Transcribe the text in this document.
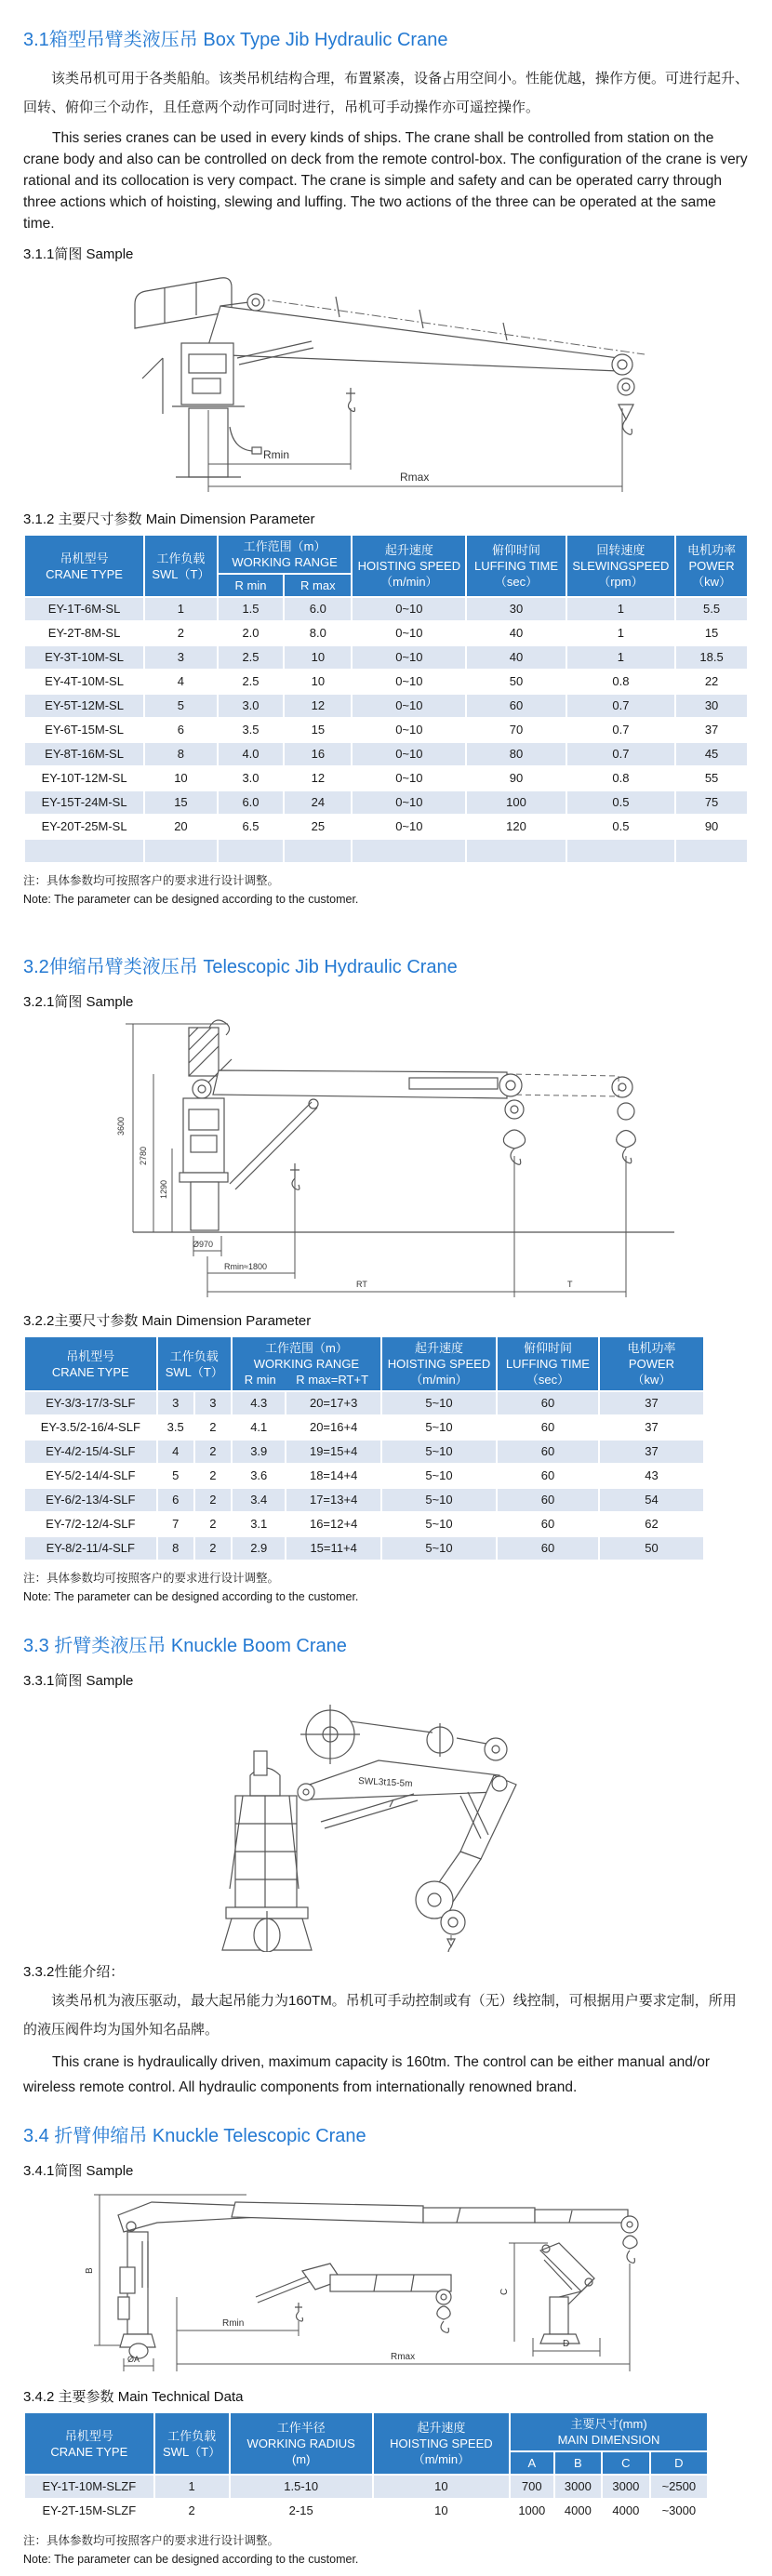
3.1箱型吊臂类液压吊 Box Type Jib Hydraulic Crane

该类吊机可用于各类船舶。该类吊机结构合理，布置紧凑，设备占用空间小。性能优越，操作方便。可进行起升、回转、俯仰三个动作，且任意两个动作可同时进行，吊机可手动操作亦可遥控操作。

This series cranes can be used in every kinds of ships. The crane shall be controlled from station on the crane body and also can be controlled on deck from the remote control-box. The configuration of the crane is very rational and its collocation is very compact. The crane is simple and safety and can be operated carry through three actions which of hoisting, slewing and luffing. The two actions of the three can be operated at the same time.

3.1.1简图 Sample
Rmin
Rmax
3.1.2 主要尺寸参数 Main Dimension Parameter
吊机型号
CRANE TYPE

工作负载
SWL（T）

工作范围（m）
WORKING RANGE

起升速度
HOISTING SPEED
（m/min）

俯仰时间
LUFFING TIME
（sec）

回转速度
SLEWINGSPEED
（rpm）

电机功率
POWER
（kw）

		R min	R max				
EY-1T-6M-SL	1	1.5	6.0	0~10	30	1	5.5
EY-2T-8M-SL	2	2.0	8.0	0~10	40	1	15
EY-3T-10M-SL	3	2.5	10	0~10	40	1	18.5
EY-4T-10M-SL	4	2.5	10	0~10	50	0.8	22
EY-5T-12M-SL	5	3.0	12	0~10	60	0.7	30
EY-6T-15M-SL	6	3.5	15	0~10	70	0.7	37
EY-8T-16M-SL	8	4.0	16	0~10	80	0.7	45
EY-10T-12M-SL	10	3.0	12	0~10	90	0.8	55
EY-15T-24M-SL	15	6.0	24	0~10	100	0.5	75
EY-20T-25M-SL	20	6.5	25	0~10	120	0.5	90

注：具体参数均可按照客户的要求进行设计调整。

Note: The parameter can be designed according to the customer.

3.2伸缩吊臂类液压吊 Telescopic Jib Hydraulic Crane
3.2.1简图 Sample
3600
2780
1290
Ø970
Rmin≈1800
RT	T
3.2.2主要尺寸参数 Main Dimension Parameter
吊机型号
CRANE TYPE

工作负载
SWL（T）

工作范围（m）
WORKING RANGE
R min R max=RT+T

起升速度
HOISTING SPEED
（m/min）

俯仰时间
LUFFING TIME
（sec）

电机功率
POWER
（kw）

EY-3/3-17/3-SLF	3	3	4.3	20=17+3	5~10	60	37
EY-3.5/2-16/4-SLF	3.5	2	4.1	20=16+4	5~10	60	37
EY-4/2-15/4-SLF	4	2	3.9	19=15+4	5~10	60	37
EY-5/2-14/4-SLF	5	2	3.6	18=14+4	5~10	60	43
EY-6/2-13/4-SLF	6	2	3.4	17=13+4	5~10	60	54
EY-7/2-12/4-SLF	7	2	3.1	16=12+4	5~10	60	62
EY-8/2-11/4-SLF	8	2	2.9	15=11+4	5~10	60	50

注：具体参数均可按照客户的要求进行设计调整。

Note: The parameter can be designed according to the customer.

3.3 折臂类液压吊 Knuckle Boom Crane
3.3.1简图 Sample
SWL3t15-5m
3.3.2性能介绍：

该类吊机为液压驱动，最大起吊能力为160TM。吊机可手动控制或有（无）线控制，可根据用户要求定制，所用的液压阀件均为国外知名品牌。

This crane is hydraulically driven, maximum capacity is 160tm. The control can be either manual and/or wireless remote control. All hydraulic components from internationally renowned brand.

3.4 折臂伸缩吊 Knuckle Telescopic Crane
3.4.1简图 Sample
B
C
D
ØA
Rmin
Rmax
3.4.2 主要参数 Main Technical Data
吊机型号
CRANE TYPE

工作负载
SWL（T）

工作半径
WORKING RADIUS
(m)

起升速度
HOISTING SPEED
（m/min）

主要尺寸(mm)
MAIN DIMENSION

				A	B	C	D
EY-1T-10M-SLZF	1	1.5-10	10	700	3000	3000	~2500
EY-2T-15M-SLZF	2	2-15	10	1000	4000	4000	~3000

注：具体参数均可按照客户的要求进行设计调整。

Note: The parameter can be designed according to the customer.
